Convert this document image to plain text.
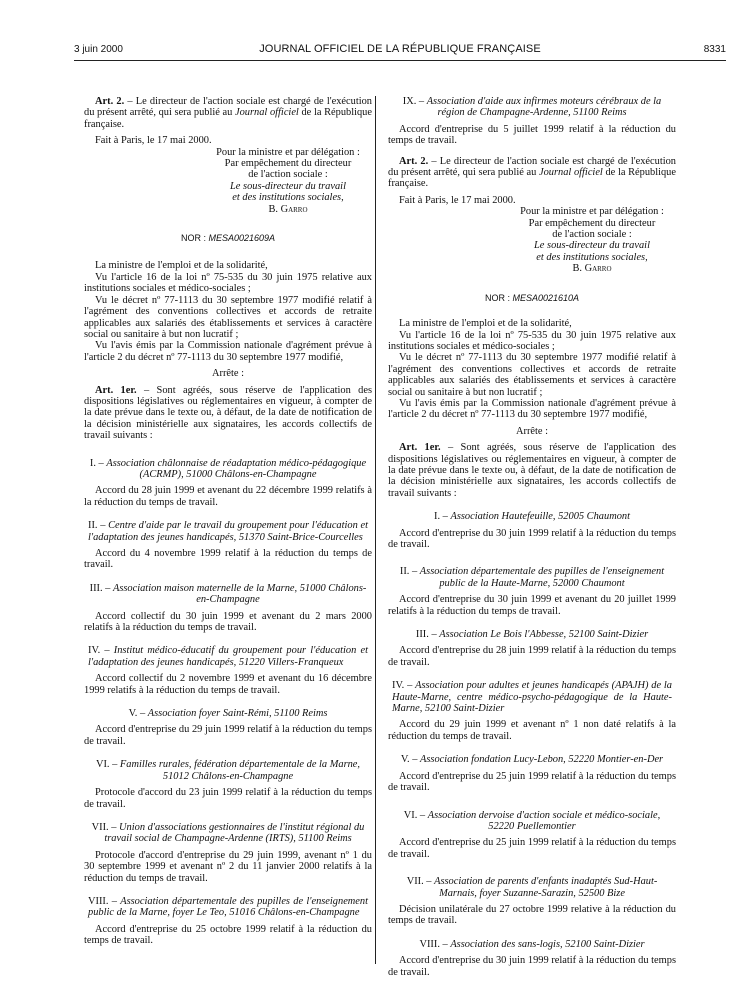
3 juin 2000	JOURNAL OFFICIEL DE LA RÉPUBLIQUE FRANÇAISE	8331

Art. 2. – Le directeur de l'action sociale est chargé de l'exécution du présent arrêté, qui sera publié au Journal officiel de la République française.

Fait à Paris, le 17 mai 2000.

Pour la ministre et par délégation :
Par empêchement du directeur
de l'action sociale :
Le sous-directeur du travail
et des institutions sociales,
B. Garro

NOR : MESA0021609A

La ministre de l'emploi et de la solidarité,

Vu l'article 16 de la loi nº 75-535 du 30 juin 1975 relative aux institutions sociales et médico-sociales ;

Vu le décret nº 77-1113 du 30 septembre 1977 modifié relatif à l'agrément des conventions collectives et accords de retraite applicables aux salariés des établissements et services à caractère social ou sanitaire à but non lucratif ;

Vu l'avis émis par la Commission nationale d'agrément prévue à l'article 2 du décret nº 77-1113 du 30 septembre 1977 modifié,

Arrête :

Art. 1er. – Sont agréés, sous réserve de l'application des dispositions législatives ou réglementaires en vigueur, à compter de la date prévue dans le texte ou, à défaut, de la date de notification de la décision ministérielle aux signataires, les accords collectifs de travail suivants :

I. – Association châlonnaise de réadaptation médico-pédagogique (ACRMP), 51000 Châlons-en-Champagne

Accord du 28 juin 1999 et avenant du 22 décembre 1999 relatifs à la réduction du temps de travail.

II. – Centre d'aide par le travail du groupement pour l'éducation et l'adaptation des jeunes handicapés, 51370 Saint-Brice-Courcelles

Accord du 4 novembre 1999 relatif à la réduction du temps de travail.

III. – Association maison maternelle de la Marne, 51000 Châlons-en-Champagne

Accord collectif du 30 juin 1999 et avenant du 2 mars 2000 relatifs à la réduction du temps de travail.

IV. – Institut médico-éducatif du groupement pour l'éducation et l'adaptation des jeunes handicapés, 51220 Villers-Franqueux

Accord collectif du 2 novembre 1999 et avenant du 16 décembre 1999 relatifs à la réduction du temps de travail.

V. – Association foyer Saint-Rémi, 51100 Reims

Accord d'entreprise du 29 juin 1999 relatif à la réduction du temps de travail.

VI. – Familles rurales, fédération départementale de la Marne, 51012 Châlons-en-Champagne

Protocole d'accord du 23 juin 1999 relatif à la réduction du temps de travail.

VII. – Union d'associations gestionnaires de l'institut régional du travail social de Champagne-Ardenne (IRTS), 51100 Reims

Protocole d'accord d'entreprise du 29 juin 1999, avenant nº 1 du 30 septembre 1999 et avenant nº 2 du 11 janvier 2000 relatifs à la réduction du temps de travail.

VIII. – Association départementale des pupilles de l'enseignement public de la Marne, foyer Le Teo, 51016 Châlons-en-Champagne

Accord d'entreprise du 25 octobre 1999 relatif à la réduction du temps de travail.

IX. – Association d'aide aux infirmes moteurs cérébraux de la région de Champagne-Ardenne, 51100 Reims

Accord d'entreprise du 5 juillet 1999 relatif à la réduction du temps de travail.

Art. 2. – Le directeur de l'action sociale est chargé de l'exécution du présent arrêté, qui sera publié au Journal officiel de la République française.

Fait à Paris, le 17 mai 2000.

Pour la ministre et par délégation :
Par empêchement du directeur
de l'action sociale :
Le sous-directeur du travail
et des institutions sociales,
B. Garro

NOR : MESA0021610A

La ministre de l'emploi et de la solidarité,

Vu l'article 16 de la loi nº 75-535 du 30 juin 1975 relative aux institutions sociales et médico-sociales ;

Vu le décret nº 77-1113 du 30 septembre 1977 modifié relatif à l'agrément des conventions collectives et accords de retraite applicables aux salariés des établissements et services à caractère social ou sanitaire à but non lucratif ;

Vu l'avis émis par la Commission nationale d'agrément prévue à l'article 2 du décret nº 77-1113 du 30 septembre 1977 modifié,

Arrête :

Art. 1er. – Sont agréés, sous réserve de l'application des dispositions législatives ou réglementaires en vigueur, à compter de la date prévue dans le texte ou, à défaut, de la date de notification de la décision ministérielle aux signataires, les accords collectifs de travail suivants :

I. – Association Hautefeuille, 52005 Chaumont

Accord d'entreprise du 30 juin 1999 relatif à la réduction du temps de travail.

II. – Association départementale des pupilles de l'enseignement public de la Haute-Marne, 52000 Chaumont

Accord d'entreprise du 30 juin 1999 et avenant du 20 juillet 1999 relatifs à la réduction du temps de travail.

III. – Association Le Bois l'Abbesse, 52100 Saint-Dizier

Accord d'entreprise du 28 juin 1999 relatif à la réduction du temps de travail.

IV. – Association pour adultes et jeunes handicapés (APAJH) de la Haute-Marne, centre médico-psycho-pédagogique de la Haute-Marne, 52100 Saint-Dizier

Accord du 29 juin 1999 et avenant nº 1 non daté relatifs à la réduction du temps de travail.

V. – Association fondation Lucy-Lebon, 52220 Montier-en-Der

Accord d'entreprise du 25 juin 1999 relatif à la réduction du temps de travail.

VI. – Association dervoise d'action sociale et médico-sociale, 52220 Puellemontier

Accord d'entreprise du 25 juin 1999 relatif à la réduction du temps de travail.

VII. – Association de parents d'enfants inadaptés Sud-Haut-Marnais, foyer Suzanne-Sarazin, 52500 Bize

Décision unilatérale du 27 octobre 1999 relative à la réduction du temps de travail.

VIII. – Association des sans-logis, 52100 Saint-Dizier

Accord d'entreprise du 30 juin 1999 relatif à la réduction du temps de travail.
